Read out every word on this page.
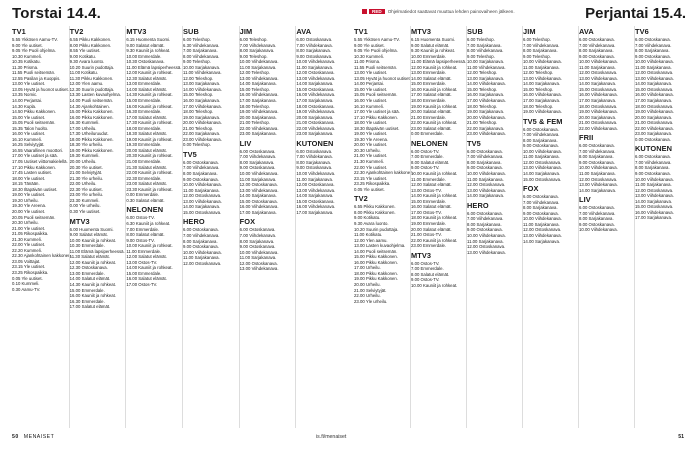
Torstai 14.4.	RED Ohjelmatiedot saattavat muuttua lehden painovaiheen jälkeen.	Perjantai 15.4.
TV1
5.55 Ykkösen Aamu-TV.
9.00 Yle uutiset.
9.05 Yle Puoli ohjelma.
10.30 Kummeli.
10.35 Kotikatu.
11.30 Prisma.
11.55 Puoli seitsemän.
12.55 Pasilan ja Kuoppis.
13.00 Yle uutiset.
13.05 Hyvät ja huonot uutiset.
13.35 Nomic.
14.00 Perjantai.
14.30 Kupla.
14.50 Pikku Kakkonen.
15.00 Yle uutiset.
15.05 Puoli seitsemän.
15.35 Talon huolto.
16.00 Yle uutiset.
16.10 Kummeli.
16.25 Selviytyjät.
16.55 Vaarallinen moottori.
17.00 Yle uutiset ja sää.
17.05 Uutiset viittomakielellä.
17.10 Pikku Kakkonen.
17.45 Lasten uutiset.
18.00 Yle uutiset.
18.15 Tänään.
18.30 Iltapäivän uutiset.
19.00 Yle uutiset.
19.20 Urheilu.
19.30 Yle Areena.
20.00 Yle uutiset.
20.05 Puoli seitsemän.
20.30 Urheilu.
21.00 Yle uutiset.
21.05 Rikospaikka.
21.30 Kummeli.
22.00 Yle uutiset.
22.20 Kummeli.
22.30 Ajankohtainen kakkonen.
23.05 Voittajat.
23.15 Yle uutiset.
23.25 Rikospaikka.
0.05 Yle uutiset.
0.10 Kummeli.
0.30 Aamu-TV.
TV2
6.55 Pikku Kakkonen.
8.00 Pikku Kakkonen.
8.55 Yle uutiset.
9.00 Kotikatu.
9.30 Avara luonto.
10.20 Suurin pudottaja.
11.00 Kotikatu.
11.30 Pikku Kakkonen.
12.00 Ylen aamu.
12.30 Suurin pudottaja.
13.30 Lasten kuvaohjelma.
14.00 Puoli seitsemän.
14.30 Ajankohtainen.
15.00 Pikku Kakkonen.
16.00 Pikku Kakkonen.
16.30 Kummeli.
17.00 Urheilu.
17.30 Urheiluruudut.
18.00 Pikku Kakkonen.
18.30 Yle urheilu.
19.00 Pikku Kakkonen.
19.30 Kummeli.
20.00 Urheilu.
20.30 Yle uutiset.
21.00 Selviytyjät.
21.30 Yle urheilu.
22.00 Urheilu.
22.30 Yle uutiset.
23.00 Yle urheilu.
23.30 Kummeli.
0.00 Yle urheilu.
0.30 Yle uutiset.
MTV3
6.00 Huomenta Suomi.
9.00 Salatut elämät.
10.00 Kauniit ja rohkeat.
10.30 Emmerdale.
11.00 Elämä lapsiperheessä.
11.30 Salatut elämät.
12.00 Kauniit ja rohkeat.
12.30 Ostoskanava.
13.00 Emmerdale.
14.00 Salatut elämät.
14.30 Kauniit ja rohkeat.
15.00 Emmerdale.
16.00 Kauniit ja rohkeat.
16.30 Emmerdale.
17.00 Salatut elämät.
MTV3
6.15 Huomenta Suomi.
9.00 Salatut elämät.
9.30 Kauniit ja rohkeat.
10.00 Emmerdale.
10.30 Ostoskanava.
11.00 Elämä lapsiperheessä.
12.00 Kauniit ja rohkeat.
12.30 Salatut elämät.
13.00 Emmerdale.
14.00 Salatut elämät.
14.30 Kauniit ja rohkeat.
15.00 Emmerdale.
16.00 Kauniit ja rohkeat.
16.30 Emmerdale.
17.00 Salatut elämät.
17.30 Kauniit ja rohkeat.
18.00 Emmerdale.
18.30 Salatut elämät.
19.00 Kauniit ja rohkeat.
19.30 Emmerdale.
20.00 Salatut elämät.
20.30 Kauniit ja rohkeat.
21.00 Emmerdale.
21.30 Salatut elämät.
22.00 Kauniit ja rohkeat.
22.30 Emmerdale.
23.00 Salatut elämät.
23.30 Kauniit ja rohkeat.
0.00 Emmerdale.
0.30 Salatut elämät.
NELONEN
6.00 Ostos-TV.
6.30 Kauniit ja rohkeat.
7.00 Emmerdale.
8.00 Salatut elämät.
9.00 Ostos-TV.
10.00 Kauniit ja rohkeat.
11.00 Emmerdale.
12.00 Salatut elämät.
13.00 Ostos-TV.
14.00 Kauniit ja rohkeat.
15.00 Emmerdale.
16.00 Salatut elämät.
17.00 Ostos-TV.
SUB
6.00 Teleshop.
6.30 Viihdekanava.
7.00 Sarjakanava.
8.00 Viihdekanava.
9.00 Teleshop.
10.00 Sarjakanava.
11.00 Viihdekanava.
12.00 Teleshop.
13.00 Sarjakanava.
14.00 Viihdekanava.
15.00 Teleshop.
16.00 Sarjakanava.
17.00 Viihdekanava.
18.00 Teleshop.
19.00 Sarjakanava.
20.00 Viihdekanava.
21.00 Teleshop.
22.00 Sarjakanava.
23.00 Viihdekanava.
0.00 Teleshop.
TV5
6.00 Ostoskanava.
7.00 Viihdekanava.
8.00 Sarjakanava.
9.00 Ostoskanava.
10.00 Viihdekanava.
11.00 Sarjakanava.
12.00 Ostoskanava.
13.00 Viihdekanava.
14.00 Sarjakanava.
15.00 Ostoskanava.
HERO
6.00 Ostoskanava.
7.00 Viihdekanava.
8.00 Sarjakanava.
9.00 Ostoskanava.
10.00 Viihdekanava.
11.00 Sarjakanava.
12.00 Ostoskanava.
JIM
6.00 Teleshop.
7.00 Viihdekanava.
8.00 Sarjakanava.
9.00 Teleshop.
10.00 Viihdekanava.
11.00 Sarjakanava.
12.00 Teleshop.
13.00 Viihdekanava.
14.00 Sarjakanava.
15.00 Teleshop.
16.00 Viihdekanava.
17.00 Sarjakanava.
18.00 Teleshop.
19.00 Viihdekanava.
20.00 Sarjakanava.
21.00 Teleshop.
22.00 Viihdekanava.
23.00 Sarjakanava.
LIV
6.00 Ostoskanava.
7.00 Viihdekanava.
8.00 Sarjakanava.
9.00 Ostoskanava.
10.00 Viihdekanava.
11.00 Sarjakanava.
12.00 Ostoskanava.
13.00 Viihdekanava.
14.00 Sarjakanava.
15.00 Ostoskanava.
16.00 Viihdekanava.
17.00 Sarjakanava.
FOX
6.00 Ostoskanava.
7.00 Viihdekanava.
8.00 Sarjakanava.
9.00 Ostoskanava.
10.00 Viihdekanava.
11.00 Sarjakanava.
12.00 Ostoskanava.
13.00 Viihdekanava.
AVA
6.00 Ostoskanava.
7.00 Viihdekanava.
8.00 Sarjakanava.
9.00 Ostoskanava.
10.00 Viihdekanava.
11.00 Sarjakanava.
12.00 Ostoskanava.
13.00 Viihdekanava.
14.00 Sarjakanava.
15.00 Ostoskanava.
16.00 Viihdekanava.
17.00 Sarjakanava.
18.00 Ostoskanava.
19.00 Viihdekanava.
20.00 Sarjakanava.
21.00 Ostoskanava.
22.00 Viihdekanava.
23.00 Sarjakanava.
KUTONEN
6.00 Ostoskanava.
7.00 Viihdekanava.
8.00 Sarjakanava.
9.00 Ostoskanava.
10.00 Viihdekanava.
11.00 Sarjakanava.
12.00 Ostoskanava.
13.00 Viihdekanava.
14.00 Sarjakanava.
15.00 Ostoskanava.
16.00 Viihdekanava.
17.00 Sarjakanava.
TV1
5.55 Ykkösen Aamu-TV.
9.00 Yle uutiset.
9.05 Yle Puoli ohjelma.
10.30 Kummeli.
11.00 Prisma.
11.55 Puoli seitsemän.
13.00 Yle uutiset.
13.05 Hyvät ja huonot uutiset.
14.00 Perjantai.
15.00 Yle uutiset.
15.05 Puoli seitsemän.
16.00 Yle uutiset.
16.10 Kummeli.
17.00 Yle uutiset ja sää.
17.10 Pikku Kakkonen.
18.00 Yle uutiset.
18.30 Iltapäivän uutiset.
19.00 Yle uutiset.
19.30 Yle Areena.
20.00 Yle uutiset.
20.30 Urheilu.
21.00 Yle uutiset.
21.30 Kummeli.
22.00 Yle uutiset.
22.30 Ajankohtainen kakkonen.
23.15 Yle uutiset.
23.25 Rikospaikka.
0.05 Yle uutiset.
TV2
6.55 Pikku Kakkonen.
8.00 Pikku Kakkonen.
9.00 Kotikatu.
9.30 Avara luonto.
10.20 Suurin pudottaja.
11.00 Kotikatu.
12.00 Ylen aamu.
13.00 Lasten kuvaohjelma.
14.00 Puoli seitsemän.
15.00 Pikku Kakkonen.
16.00 Pikku Kakkonen.
17.00 Urheilu.
18.00 Pikku Kakkonen.
19.00 Pikku Kakkonen.
20.00 Urheilu.
21.00 Selviytyjät.
22.00 Urheilu.
23.00 Yle urheilu.
MTV3
6.15 Huomenta Suomi.
9.00 Salatut elämät.
9.30 Kauniit ja rohkeat.
10.00 Emmerdale.
11.00 Elämä lapsiperheessä.
12.00 Kauniit ja rohkeat.
13.00 Emmerdale.
14.00 Salatut elämät.
15.00 Emmerdale.
16.00 Kauniit ja rohkeat.
17.00 Salatut elämät.
18.00 Emmerdale.
19.00 Kauniit ja rohkeat.
20.00 Salatut elämät.
21.00 Emmerdale.
22.00 Kauniit ja rohkeat.
23.00 Salatut elämät.
0.00 Emmerdale.
NELONEN
6.00 Ostos-TV.
7.00 Emmerdale.
8.00 Salatut elämät.
9.00 Ostos-TV.
10.00 Kauniit ja rohkeat.
11.00 Emmerdale.
12.00 Salatut elämät.
13.00 Ostos-TV.
14.00 Kauniit ja rohkeat.
15.00 Emmerdale.
16.00 Salatut elämät.
17.00 Ostos-TV.
18.00 Kauniit ja rohkeat.
19.00 Emmerdale.
20.00 Salatut elämät.
21.00 Ostos-TV.
22.00 Kauniit ja rohkeat.
23.00 Emmerdale.
MTV3
6.00 Ostos-TV.
7.00 Emmerdale.
8.00 Salatut elämät.
9.00 Ostos-TV.
10.00 Kauniit ja rohkeat.
SUB
6.00 Teleshop.
7.00 Sarjakanava.
8.00 Viihdekanava.
9.00 Teleshop.
10.00 Sarjakanava.
11.00 Viihdekanava.
12.00 Teleshop.
13.00 Sarjakanava.
14.00 Viihdekanava.
15.00 Teleshop.
16.00 Sarjakanava.
17.00 Viihdekanava.
18.00 Teleshop.
19.00 Sarjakanava.
20.00 Viihdekanava.
21.00 Teleshop.
22.00 Sarjakanava.
23.00 Viihdekanava.
TV5
6.00 Ostoskanava.
7.00 Viihdekanava.
8.00 Sarjakanava.
9.00 Ostoskanava.
10.00 Viihdekanava.
11.00 Sarjakanava.
12.00 Ostoskanava.
13.00 Viihdekanava.
14.00 Sarjakanava.
HERO
6.00 Ostoskanava.
7.00 Viihdekanava.
8.00 Sarjakanava.
9.00 Ostoskanava.
10.00 Viihdekanava.
11.00 Sarjakanava.
12.00 Ostoskanava.
13.00 Viihdekanava.
JIM
6.00 Teleshop.
7.00 Viihdekanava.
8.00 Sarjakanava.
9.00 Teleshop.
10.00 Viihdekanava.
11.00 Sarjakanava.
12.00 Teleshop.
13.00 Viihdekanava.
14.00 Sarjakanava.
15.00 Teleshop.
16.00 Viihdekanava.
17.00 Sarjakanava.
18.00 Teleshop.
19.00 Viihdekanava.
TV5 & FEM
6.00 Ostoskanava.
7.00 Viihdekanava.
8.00 Sarjakanava.
9.00 Ostoskanava.
10.00 Viihdekanava.
11.00 Sarjakanava.
12.00 Ostoskanava.
13.00 Viihdekanava.
14.00 Sarjakanava.
15.00 Ostoskanava.
FOX
6.00 Ostoskanava.
7.00 Viihdekanava.
8.00 Sarjakanava.
9.00 Ostoskanava.
10.00 Viihdekanava.
11.00 Sarjakanava.
12.00 Ostoskanava.
13.00 Viihdekanava.
14.00 Sarjakanava.
AVA
6.00 Ostoskanava.
7.00 Viihdekanava.
8.00 Sarjakanava.
9.00 Ostoskanava.
10.00 Viihdekanava.
11.00 Sarjakanava.
12.00 Ostoskanava.
13.00 Viihdekanava.
14.00 Sarjakanava.
15.00 Ostoskanava.
16.00 Viihdekanava.
17.00 Sarjakanava.
18.00 Ostoskanava.
19.00 Viihdekanava.
20.00 Sarjakanava.
21.00 Ostoskanava.
22.00 Viihdekanava.
FRII
6.00 Ostoskanava.
7.00 Viihdekanava.
8.00 Sarjakanava.
9.00 Ostoskanava.
10.00 Viihdekanava.
11.00 Sarjakanava.
12.00 Ostoskanava.
13.00 Viihdekanava.
14.00 Sarjakanava.
LIV
6.00 Ostoskanava.
7.00 Viihdekanava.
8.00 Sarjakanava.
9.00 Ostoskanava.
10.00 Viihdekanava.
TV6
6.00 Ostoskanava.
7.00 Viihdekanava.
8.00 Sarjakanava.
9.00 Ostoskanava.
10.00 Viihdekanava.
11.00 Sarjakanava.
12.00 Ostoskanava.
13.00 Viihdekanava.
14.00 Sarjakanava.
15.00 Ostoskanava.
16.00 Viihdekanava.
17.00 Sarjakanava.
18.00 Ostoskanava.
19.00 Viihdekanava.
20.00 Sarjakanava.
21.00 Ostoskanava.
22.00 Viihdekanava.
23.00 Sarjakanava.
0.00 Ostoskanava.
KUTONEN
6.00 Ostoskanava.
7.00 Viihdekanava.
8.00 Sarjakanava.
9.00 Ostoskanava.
10.00 Viihdekanava.
11.00 Sarjakanava.
12.00 Ostoskanava.
13.00 Viihdekanava.
14.00 Sarjakanava.
15.00 Ostoskanava.
16.00 Viihdekanava.
17.00 Sarjakanava.
50 MENAISET	is.fi/menaiset	51
